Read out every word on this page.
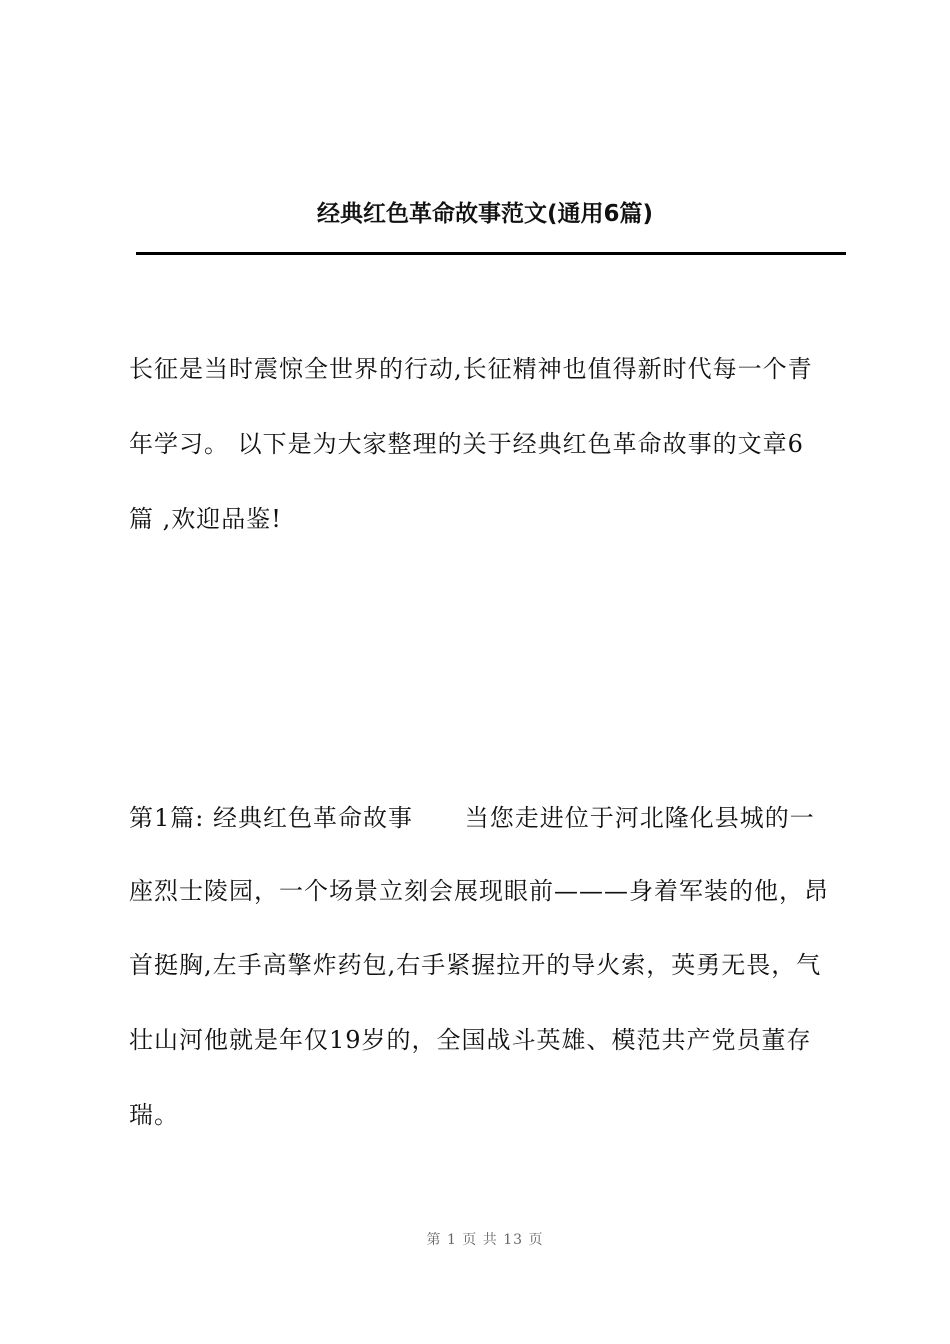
经典红色革命故事范文(通用6篇)
长征是当时震惊全世界的行动,长征精神也值得新时代每一个青
年学习。 以下是为大家整理的关于经典红色革命故事的文章6
篇 ,欢迎品鉴!
第1篇: 经典红色革命故事      当您走进位于河北隆化县城的一
座烈士陵园，一个场景立刻会展现眼前———身着军装的他，昂
首挺胸,左手高擎炸药包,右手紧握拉开的导火索，英勇无畏，气
壮山河他就是年仅19岁的，全国战斗英雄、模范共产党员董存
瑞。
第 1 页 共 13 页
